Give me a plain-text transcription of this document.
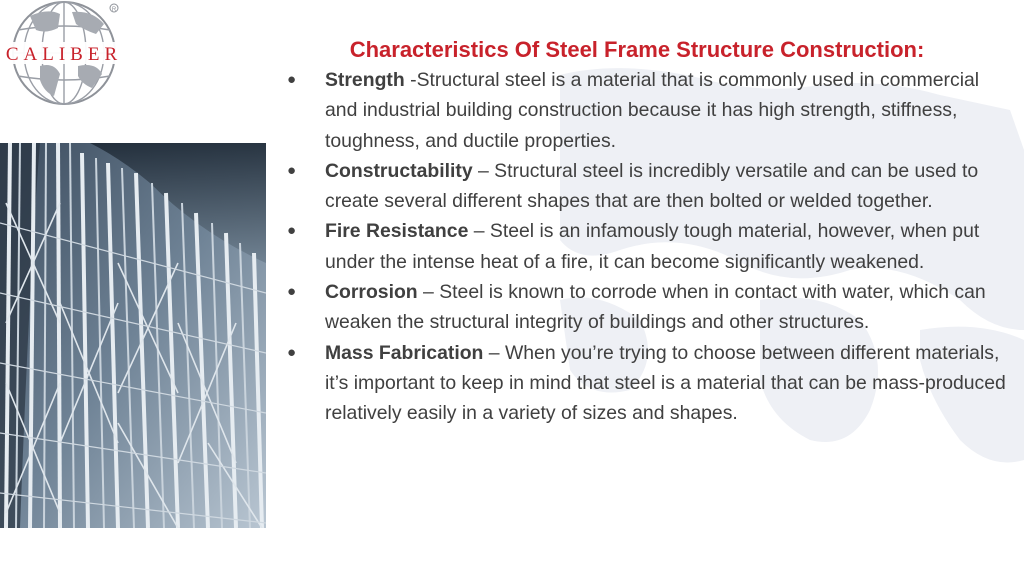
CALIBER
R
Characteristics Of Steel Frame Structure Construction:
● Strength -Structural steel is a material that is commonly used in commercial and industrial building construction because it has high strength, stiffness, toughness, and ductile properties.
● Constructability – Structural steel is incredibly versatile and can be used to create several different shapes that are then bolted or welded together.
● Fire Resistance – Steel is an infamously tough material, however, when put under the intense heat of a fire, it can become significantly weakened.
● Corrosion – Steel is known to corrode when in contact with water, which can weaken the structural integrity of buildings and other structures.
● Mass Fabrication – When you’re trying to choose between different materials, it’s important to keep in mind that steel is a material that can be mass-produced relatively easily in a variety of sizes and shapes.
